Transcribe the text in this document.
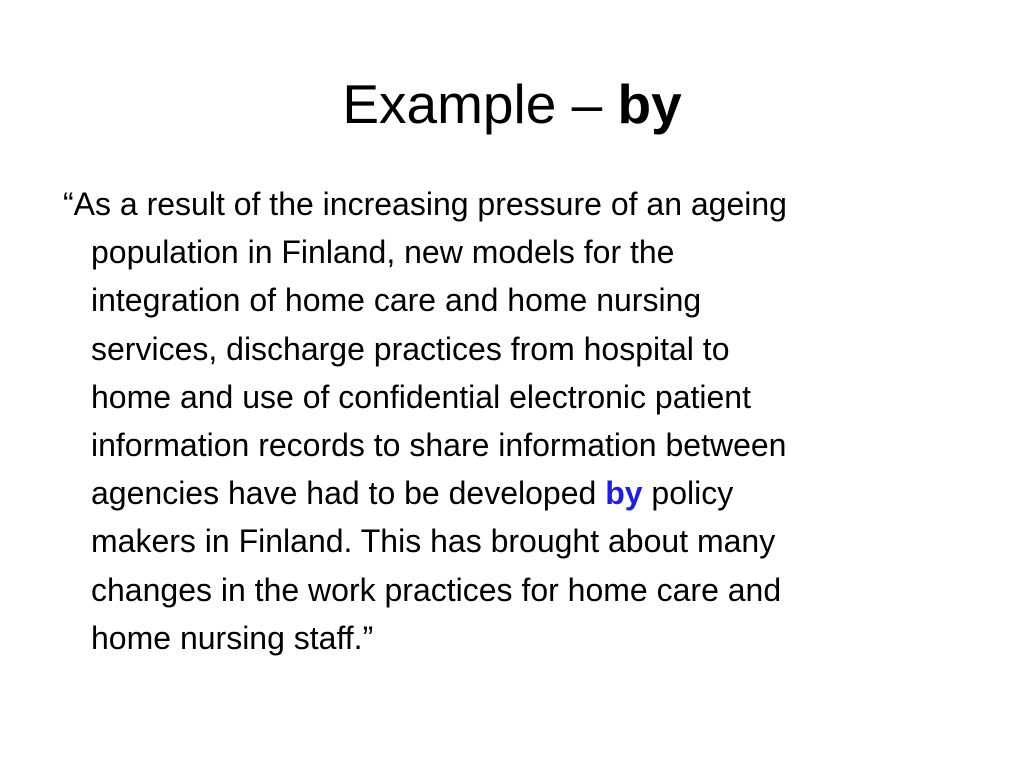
Example – by
“As a result of the increasing pressure of an ageing
population in Finland, new models for the
integration of home care and home nursing
services, discharge practices from hospital to
home and use of confidential electronic patient
information records to share information between
agencies have had to be developed by policy
makers in Finland. This has brought about many
changes in the work practices for home care and
home nursing staff.”
